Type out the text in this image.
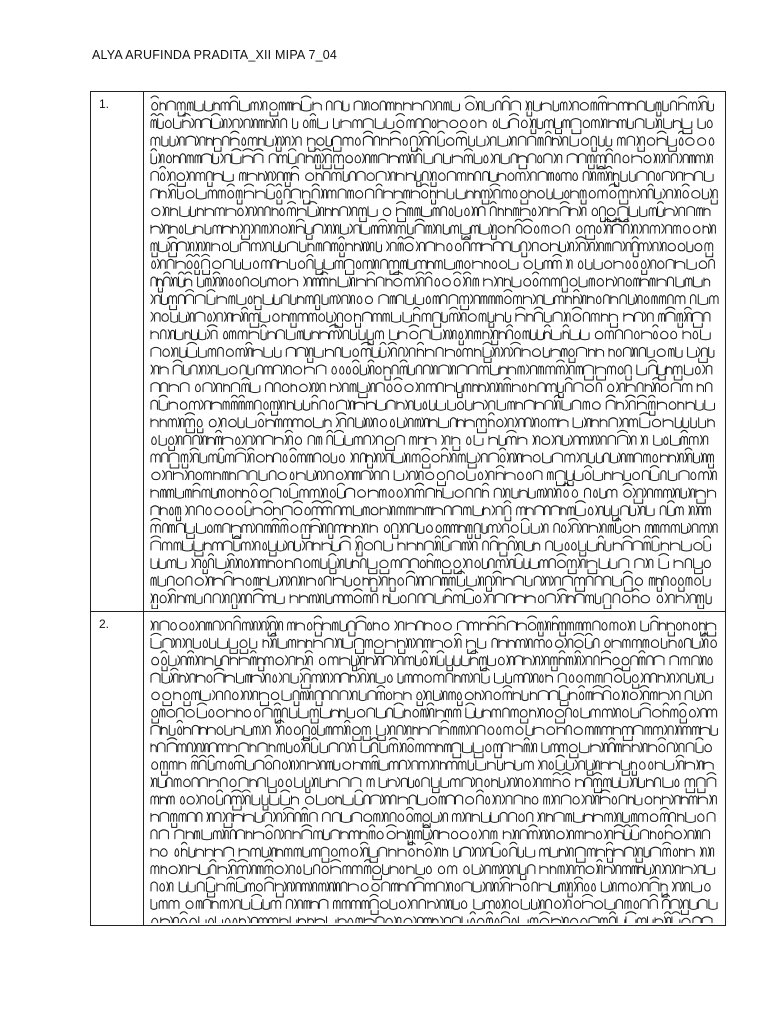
ALYA ARUFINDA PRADITA_XII MIPA 7_04
1.
2.
